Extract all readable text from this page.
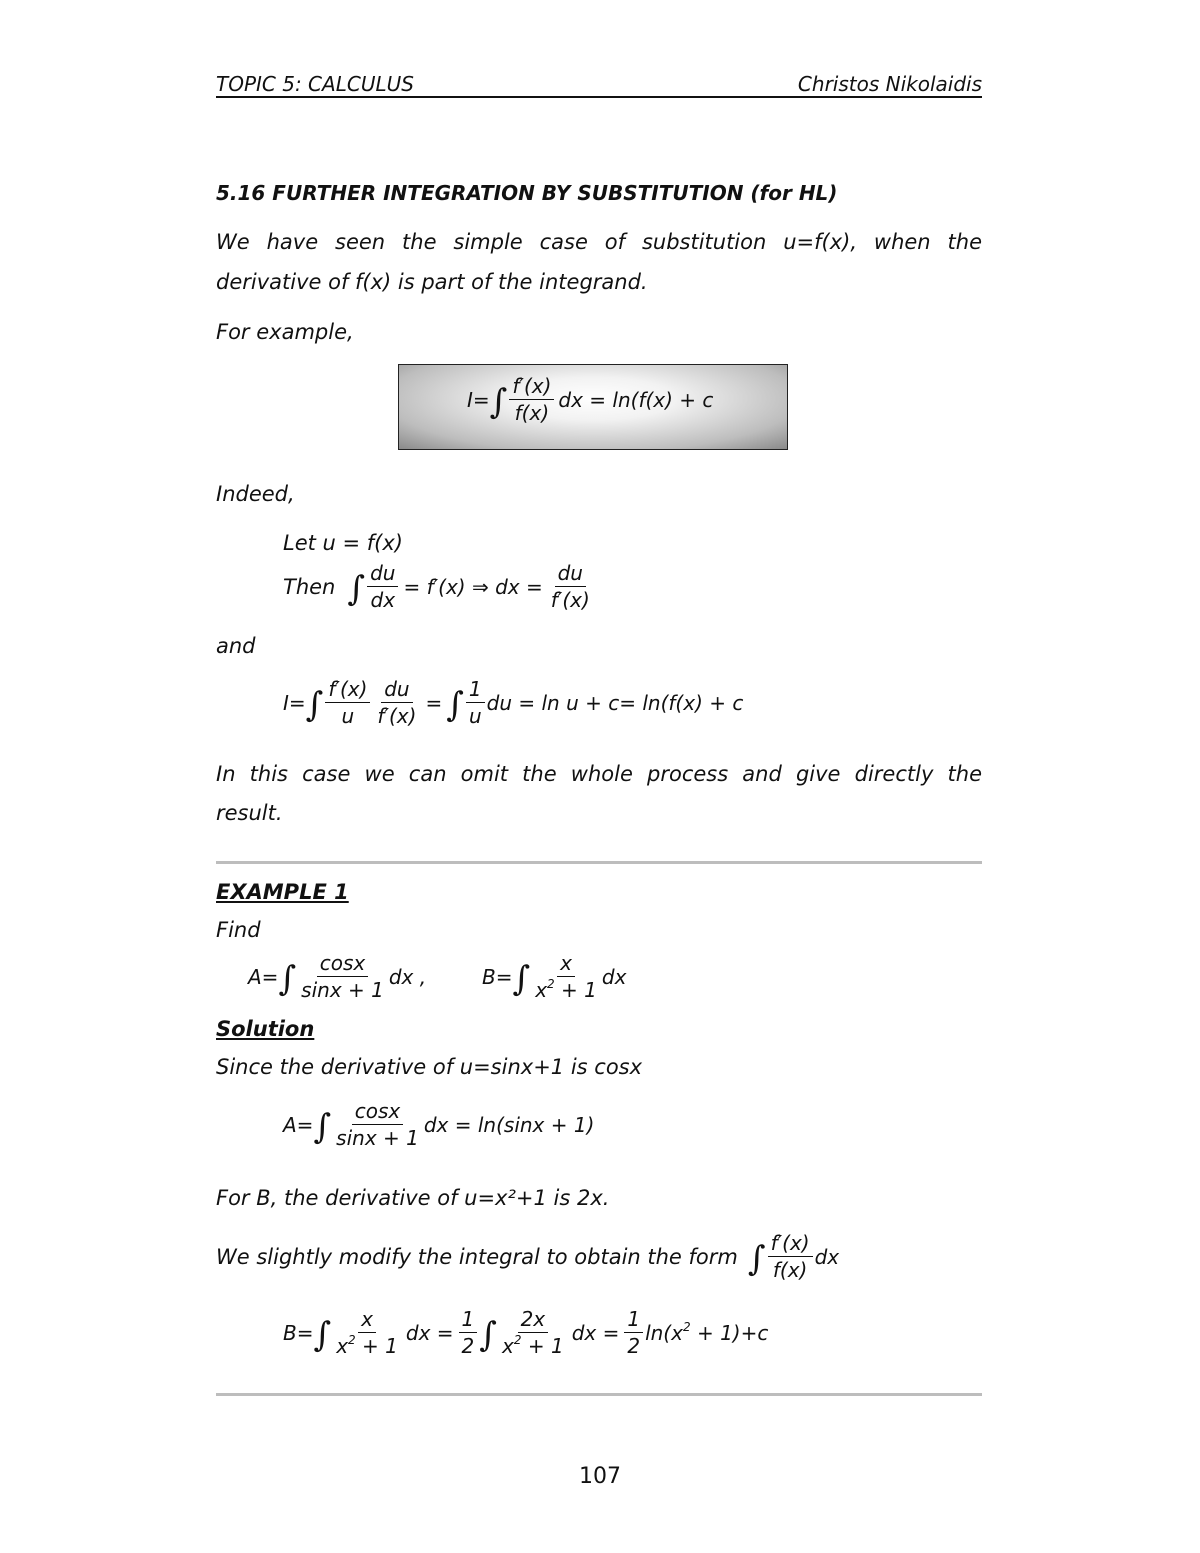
TOPIC 5: CALCULUS	Christos Nikolaidis
5.16 FURTHER INTEGRATION BY SUBSTITUTION (for HL)
We have seen the simple case of substitution u=f(x), when the
derivative of f(x) is part of the integrand.
For example,
I= ∫ $\frac{f'(x)}{f(x)}$ dx = ln(f(x) + c
Indeed,
Let u = f(x)
Then ∫ $\frac{du}{dx} = f'(x)$ ⇒ dx = $\frac{du}{f'(x)}$
and
I= ∫ $\frac{f'(x)}{u} \frac{du}{f'(x)}$ = ∫ $\frac{1}{u}$ du = ln u + c= ln(f(x) + c
In this case we can omit the whole process and give directly the
result.
EXAMPLE 1
Find
A= ∫ $\frac{\cos x}{\sin x + 1}$ dx ,	B= ∫ $\frac{x}{x^2 + 1}$ dx
Solution
Since the derivative of u=sinx+1 is cosx
A= ∫ $\frac{\cos x}{\sin x + 1}$ dx = ln(sinx + 1)
For B, the derivative of u=x²+1 is 2x.
We slightly modify the integral to obtain the form ∫ $\frac{f'(x)}{f(x)}$ dx
B= ∫ $\frac{x}{x^2 + 1}$ dx = $\frac{1}{2}$ ∫ $\frac{2x}{x^2 + 1}$ dx = $\frac{1}{2} \ln(x^2 + 1)+c$
107
